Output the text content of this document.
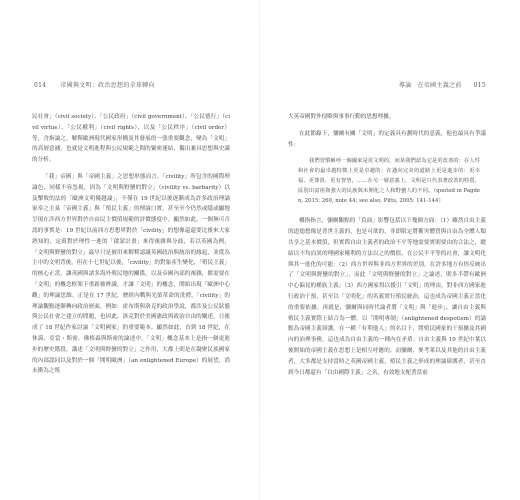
014 帝國與文明：政治思想的全球轉向

民社會」（civil society）、「公民政府」（civil government）、「公民德行」（civil virtue）、「公民權利」（civil rights），以及「公民秩序」（civil order）等，含指論之，解釋歐洲現代國家形構及其發展的一張重要觀念，變為「文明」的高層意涵，也就是文明進程與公民規範之間的緊密連結，擬出兼具思想與史識的分析。

「我」帝國」與「帝國主義」之思想形態而言，「civility」所包含的國際理論色，同樣不容忽視，因為「文明與野蠻的對立」（civility vs. barbarity）以及擊敗的法的「歐洲文明優越論」，不僅在 19 世紀以後逐漸成為許多政治理論家奉之圭臬「帝國主義」與「殖民主義」的理論口實，甚至至今仍然或隱或顯地呈現在涉西方世界對於自由民主價值規範的評價態度中。顯然如此，一個無可否認的事實是：19 世紀以前西方思想界對於「civility」的想像還還要比後來大家熟知的，定萬對於理性一進的「啟蒙計畫」來得複雜與分歧，若以英國為例，「文明與野蠻的對立」最早只是被用來解釋認識英國政治與統治的緣起，並從為主中的文明背後，但在十七世紀以後，「civility」的對象產生變化，「殖民主義」的核心正當，讓英國與諸多海外殖民地的關係，以及帝國內部的複雜，都需要在「文明」的概念框架下重新被辨識，才讓「文明」的概念，開始出現「歐洲中心觀」的理論思維。正是在 17 世紀，歷經內戰與光榮革命的洗禮，「civility」的理論觀點逐漸轉向政治層面，例如：霍布斯與洛克的政治學說，都涉及公民狀態與公民社會之建立的問題，也因此，洛克對於美國憲政與政治自由的闡述，日後成了 18 世紀作家討論「文明國家」的重要範本。顯然如此，直到 18 世紀，在休謨、亞當・斯密、佛格森與斯密的論述中，「文明」概念基本上是指一個更進步的歷史階段，講述「文明與野蠻的對立」之作用，大都上則是在凝聚民族國家的內部認同以及對於一個「開明歐洲」（an enlightened Europe）的展望，尚未衝為之殖

導論 在帝國主義之前 015

大英帝國對外侵略與事事行動的思想理據。

在此節錄下，彌爾有關「文明」的定義具有劃時代的意義，他也最具有爭議性：

我們習慣稱呼一個國家是更文明的，而某我們認為它是更改善的：在人性和社會的最卓越特徵上更是卓越的；在邁向完美的道路上更是進步的：更幸福、更尊貴、更有智慧，……在另一層意義上，文明是只代表著改善的特質，區別出富裕與強大的民族與未開化之人和野蠻人的不同。（quoted in Pagden, 2015: 260, note 44; see also, Pitts, 2005: 141-144）

構指指言，彌爾觀點的「負面」影響包括以下幾個方面：（1）雖然自由主義的道德想像是普世主義的，也是可欲的，非即限定將衝突體質與自由為全體人類共享之基本價值，但實際自由主義者的政治不平等地需要實則要由的合法之，總結以不均而異的理國家權利的方法以之的價值，在公民不平等的社會，讓文明化與其一進化的可能：（2）西方世界與非西方世界的差別，在許多地方有你反映出了「文明與野蠻的對立」，而此「文明與野蠻的對立」之論述，則多半帶有歐洲中心偏見的種族主義；（3）西方國家得以援引「文明」的理由，對非西方國家進行政治干預，甚至以「文明化」的名義實行殖民統治，這也成為帝國主義正當化的重要依據。再就是，彌爾與同時代論者將「文明」與「進步」，讓自由主義與殖民主義實際上結合為一體，以「開明專制」（enlightened despotism）的論點為帝國主義辯護，在一種「有利他人」的名目下，將殖民國家的干預擴及其國內的治理事務，這也成為自由主義的一種內在矛盾：自由主義與 19 世紀中葉以後開始的帝國主義在思想上是相互呼應的。而彌爾、麥考萊以及其他的自由主義者，大多都是支持當時之英國帝國主義，殖民主義之形成的理論辯護者，甚至直到今日都還有「自由國際主義」之名，有效地支配著當前
